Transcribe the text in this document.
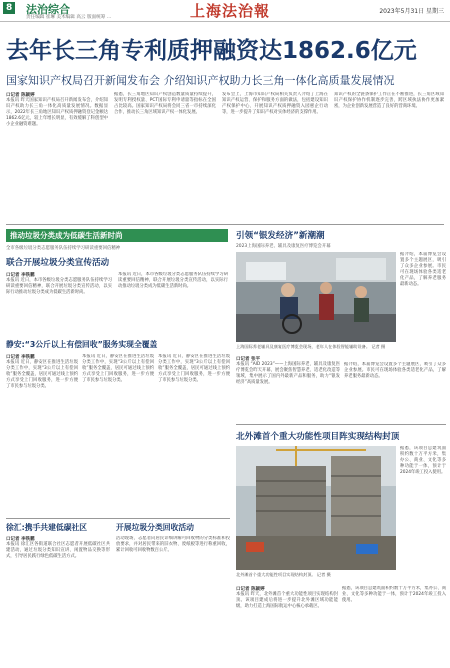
8 法治综合
责任编辑 崔琳 美术编辑 高云 版面统筹 …	上海法治報	2023年5月31日 星期三
去年长三角专利质押融资达1862.6亿元
国家知识产权局召开新闻发布会 介绍知识产权助力长三角一体化高质量发展情况
口记者 陈颖婷
本报讯 昨天国家知识产权局召开新闻发布会，介绍知识产权助力长三角一体化高质量发展情况。数据显示，2022年长三角地区知识产权质押融资登记金额达1862.6亿元，较上年增长明显，有效缓解了科创型中小企业融资难题。
据悉，长三角地区知识产权创造数量质量持续提升，发明专利授权量、PCT国际专利申请量等指标在全国占比较高。国家知识产权局将会同三省一市持续深化合作，推动长三角区域知识产权一体化发展。
发布会上，上海市知识产权局相关负责人介绍了上海在知识产权运营、保护和服务方面的做法，包括建设知识产权保护中心、开展知识产权质押融资入园惠企行动等，进一步提升了知识产权对实体经济的支撑作用。
知识产权的全链条保护工作正在不断推进，长三角区域知识产权保护协作机制逐步完善，跨区域执法协作更加紧密，为企业创新发展营造了良好的营商环境。
推动垃圾分类成为低碳生活新时尚
全市各级垃圾分类志愿服务队伍持续学习研读重要回信精神
联合开展垃圾分类宣传活动
口记者 李铁鹏
本报讯 近日，本市各级垃圾分类志愿服务队伍持续学习研读重要回信精神，联合开展垃圾分类宣传活动，以实际行动推动垃圾分类成为低碳生活新时尚。
本报讯 近日，本市各级垃圾分类志愿服务队伍持续学习研读重要回信精神，联合开展垃圾分类宣传活动，以实际行动推动垃圾分类成为低碳生活新时尚。
静安:“3公斤以上有偿回收”服务实现全覆盖
口记者 李铁鹏
本报讯 近日，静安区在推进生活垃圾分类工作中，实现“3公斤以上有偿回收”服务全覆盖，居民可通过线上预约方式享受上门回收服务，进一步方便了市民参与垃圾分类。
本报讯 近日，静安区在推进生活垃圾分类工作中，实现“3公斤以上有偿回收”服务全覆盖，居民可通过线上预约方式享受上门回收服务，进一步方便了市民参与垃圾分类。
本报讯 近日，静安区在推进生活垃圾分类工作中，实现“3公斤以上有偿回收”服务全覆盖，居民可通过线上预约方式享受上门回收服务，进一步方便了市民参与垃圾分类。
徐汇:携手共建低碳社区
口记者 李铁鹏
本报讯 徐汇区各街道联合社区志愿者开展低碳社区共建活动，通过垃圾分类知识宣讲、闲置物品交换等形式，引导居民践行绿色低碳生活方式。
开展垃圾分类回收活动
活动现场，志愿者向居民详细讲解可回收物的分类标准和投放要求，并对居民带来的旧衣物、废纸板等进行称重回收，累计回收可回收物数百公斤。
引领“银发经济”新潮潮
2023上海国际养老、辅具及康复医疗博览会开幕
上海国际养老辅具及康复医疗博览会现场，老年人在体验智能辅助设备。 记者 摄
据介绍，本届博览会设置多个主题展区，吸引了众多企业参展。市民可在现场体验各类适老化产品，了解养老服务最新动态。
口记者 张平
本报讯 “AID 2023”——上海国际养老、辅具及康复医疗博览会昨天开幕，展会聚焦智慧养老、适老化改造等领域，集中展示了国内外最新产品和服务，助力“银发经济”高质量发展。
据介绍，本届博览会设置多个主题展区，吸引了众多企业参展。市民可在现场体验各类适老化产品，了解养老服务最新动态。
北外滩首个重大功能性项目阵实现结构封顶
据悉，该项目总建筑面积约数十万平方米，集办公、商业、文化等多种功能于一体，预计于2024年竣工投入使用。
北外滩首个重大功能性项目实现结构封顶。 记者 摄
口记者 陈颖婷
本报讯 昨天，北外滩首个重大功能性项目实现结构封顶。该项目建成后将进一步提升北外滩区域功能能级，助力打造上海国际航运中心核心承载区。
据悉，该项目总建筑面积约数十万平方米，集办公、商业、文化等多种功能于一体，预计于2024年竣工投入使用。
